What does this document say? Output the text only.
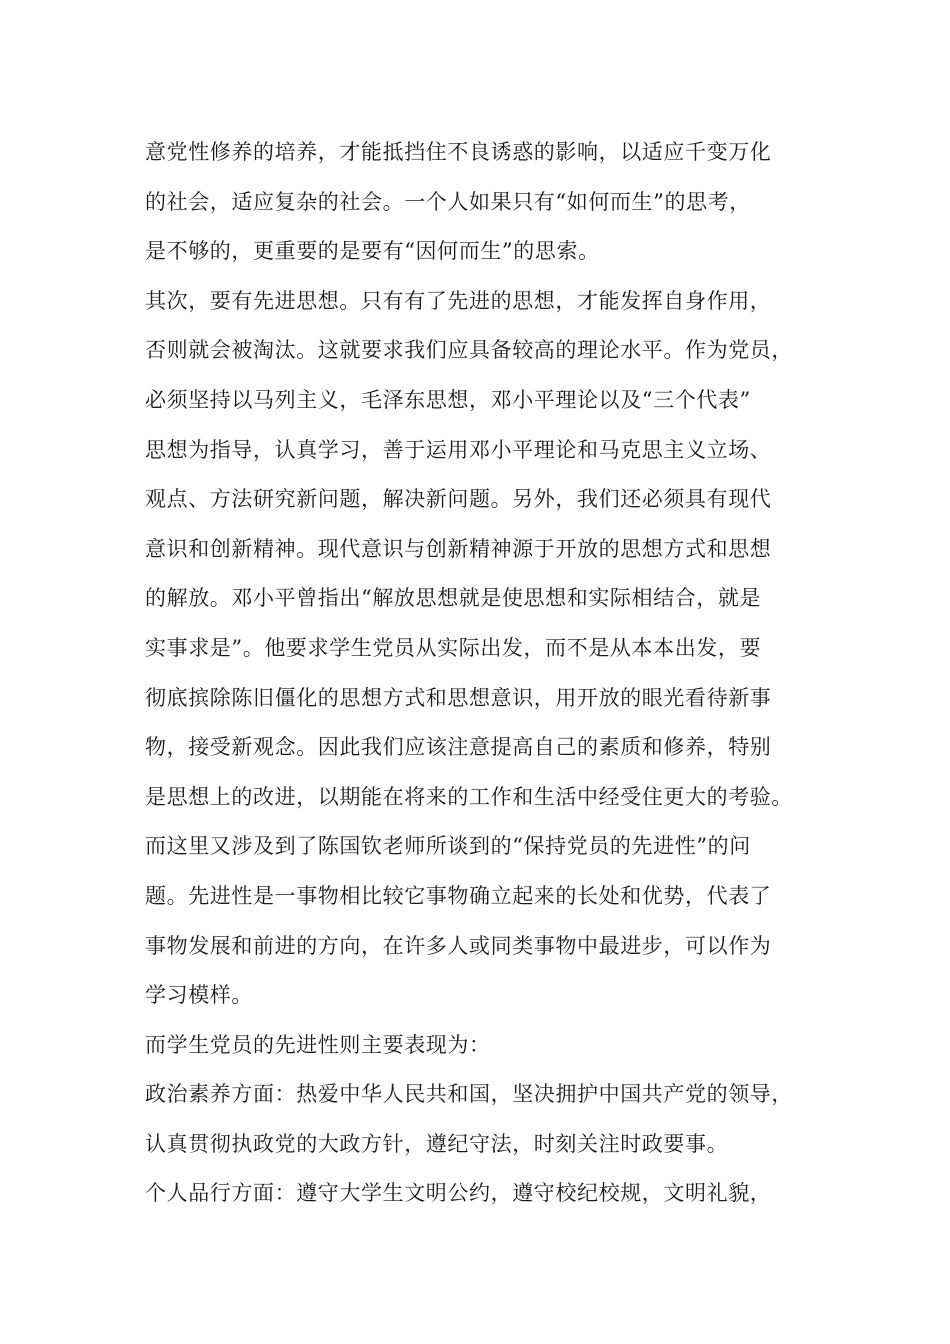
意党性修养的培养，才能抵挡住不良诱惑的影响，以适应千变万化
的社会，适应复杂的社会。一个人如果只有“如何而生”的思考，
是不够的，更重要的是要有“因何而生”的思索。
其次，要有先进思想。只有有了先进的思想，才能发挥自身作用，
否则就会被淘汰。这就要求我们应具备较高的理论水平。作为党员，
必须坚持以马列主义，毛泽东思想，邓小平理论以及“三个代表”
思想为指导，认真学习，善于运用邓小平理论和马克思主义立场、
观点、方法研究新问题，解决新问题。另外，我们还必须具有现代
意识和创新精神。现代意识与创新精神源于开放的思想方式和思想
的解放。邓小平曾指出“解放思想就是使思想和实际相结合，就是
实事求是”。他要求学生党员从实际出发，而不是从本本出发，要
彻底摈除陈旧僵化的思想方式和思想意识，用开放的眼光看待新事
物，接受新观念。因此我们应该注意提高自己的素质和修养，特别
是思想上的改进，以期能在将来的工作和生活中经受住更大的考验。
而这里又涉及到了陈国钦老师所谈到的“保持党员的先进性”的问
题。先进性是一事物相比较它事物确立起来的长处和优势，代表了
事物发展和前进的方向，在许多人或同类事物中最进步，可以作为
学习模样。
而学生党员的先进性则主要表现为：
政治素养方面：热爱中华人民共和国，坚决拥护中国共产党的领导，
认真贯彻执政党的大政方针，遵纪守法，时刻关注时政要事。
个人品行方面：遵守大学生文明公约，遵守校纪校规，文明礼貌，
